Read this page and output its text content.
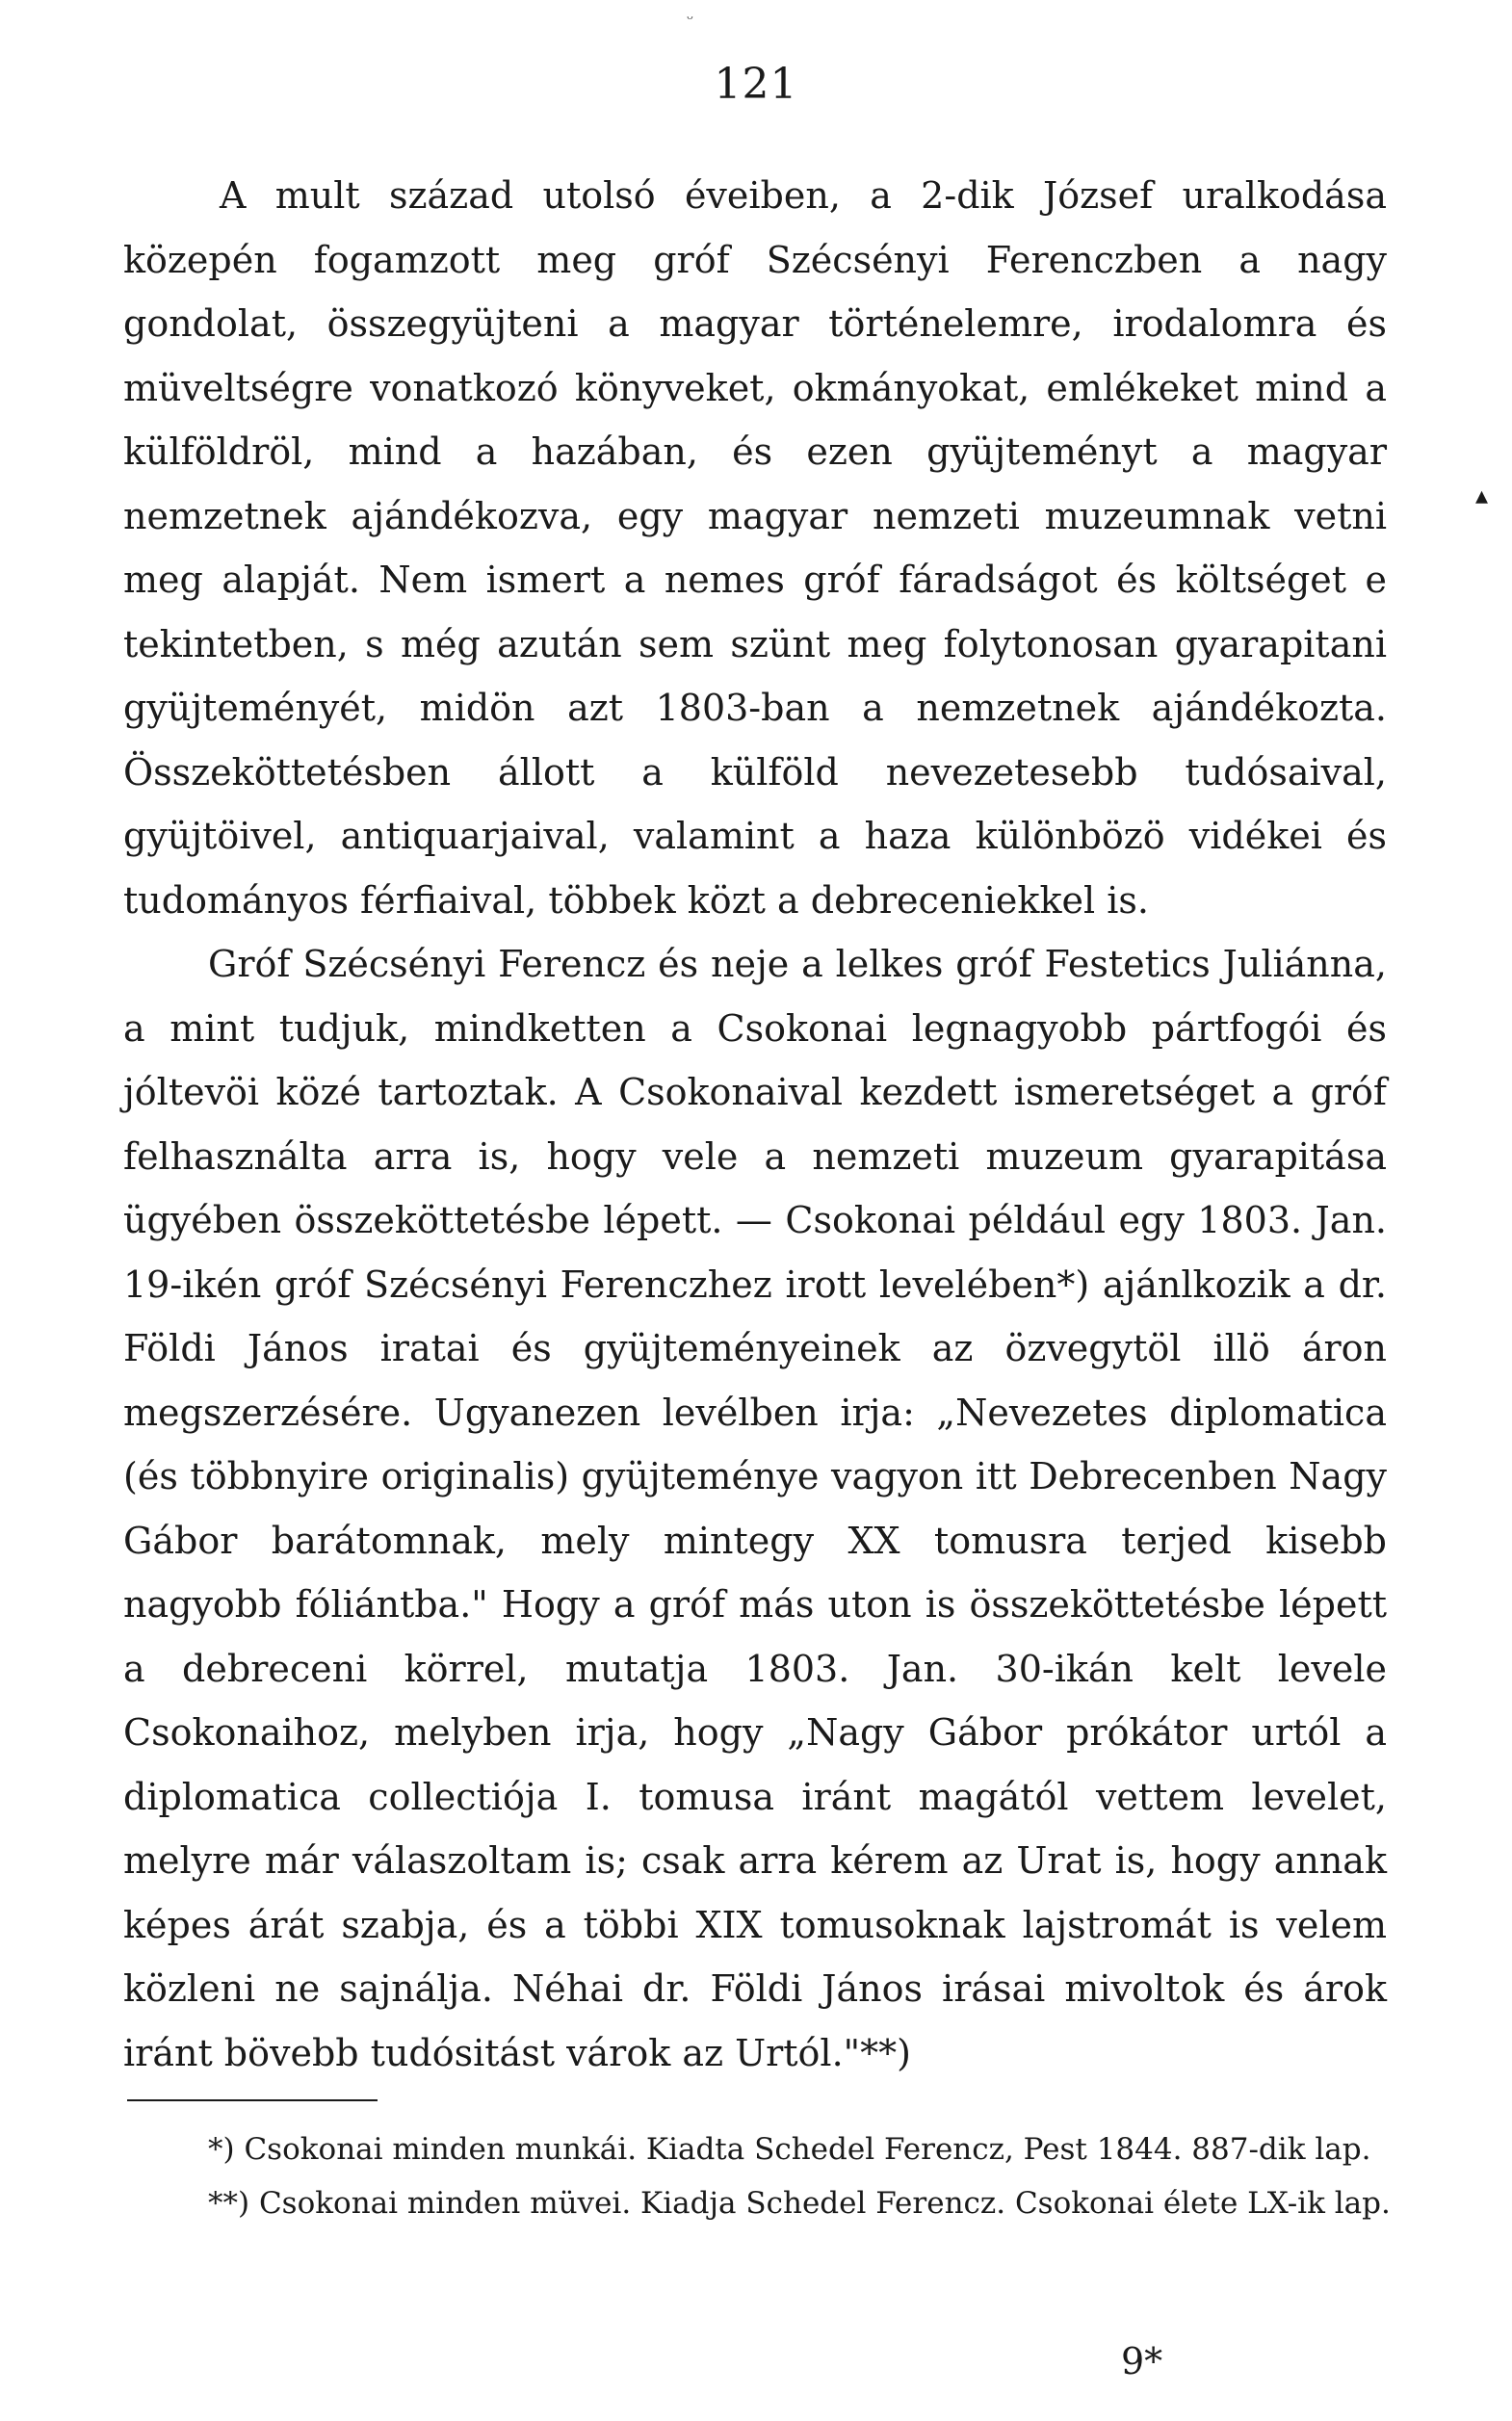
ᵕ
121
▴

A mult század utolsó éveiben, a 2-dik József uralkodása közepén fogamzott meg gróf Szécsényi Ferenczben a nagy gondolat, összegyüjteni a magyar történelemre, irodalomra és müveltségre vonatkozó könyveket, okmányokat, emlékeket mind a külföldröl, mind a hazában, és ezen gyüjteményt a magyar nemzetnek ajándékozva, egy magyar nemzeti muzeumnak vetni meg alapját. Nem ismert a nemes gróf fáradságot és költséget e tekintetben, s még azután sem szünt meg folytonosan gyarapitani gyüjteményét, midön azt 1803-ban a nemzetnek ajándékozta. Összeköttetésben állott a külföld nevezetesebb tudósaival, gyüjtöivel, antiquarjaival, valamint a haza különbözö vidékei és tudományos férfiaival, többek közt a debreceniekkel is.

Gróf Szécsényi Ferencz és neje a lelkes gróf Festetics Juliánna, a mint tudjuk, mindketten a Csokonai legnagyobb pártfogói és jóltevöi közé tartoztak. A Csokonaival kezdett ismeretséget a gróf felhasználta arra is, hogy vele a nemzeti muzeum gyarapitása ügyében összeköttetésbe lépett. — Csokonai például egy 1803. Jan. 19-ikén gróf Szécsényi Ferenczhez irott levelében*) ajánlkozik a dr. Földi János iratai és gyüjteményeinek az özvegytöl illö áron megszerzésére. Ugyanezen levélben irja: „Nevezetes diplomatica (és többnyire originalis) gyüjteménye vagyon itt Debrecenben Nagy Gábor barátomnak, mely mintegy XX tomusra terjed kisebb nagyobb fóliántba." Hogy a gróf más uton is összeköttetésbe lépett a debreceni körrel, mutatja 1803. Jan. 30-ikán kelt levele Csokonaihoz, melyben irja, hogy „Nagy Gábor prókátor urtól a diplomatica collectiója I. tomusa iránt magától vettem levelet, melyre már válaszoltam is; csak arra kérem az Urat is, hogy annak képes árát szabja, és a többi XIX tomusoknak lajstromát is velem közleni ne sajnálja. Néhai dr. Földi János irásai mivoltok és árok iránt bövebb tudósitást várok az Urtól."**)

*) Csokonai minden munkái. Kiadta Schedel Ferencz, Pest 1844. 887-dik lap.

**) Csokonai minden müvei. Kiadja Schedel Ferencz. Csokonai élete LX-ik lap.

9*
